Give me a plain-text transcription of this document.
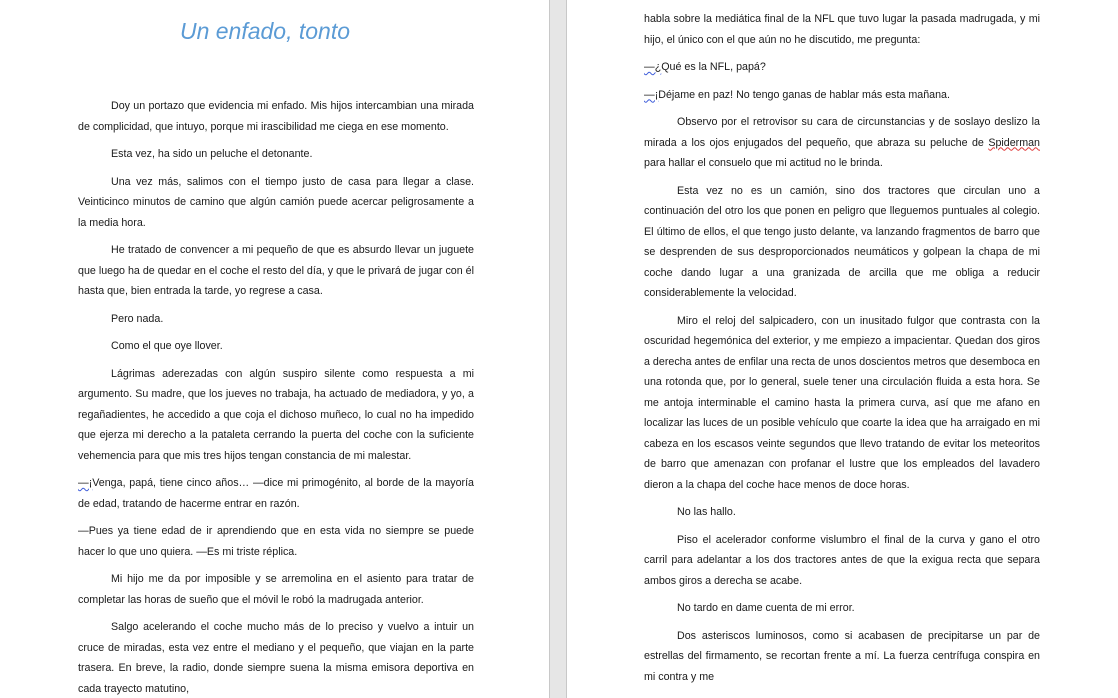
Un enfado, tonto

Doy un portazo que evidencia mi enfado. Mis hijos intercambian una mirada de complicidad, que intuyo, porque mi irascibilidad me ciega en ese momento.

Esta vez, ha sido un peluche el detonante.

Una vez más, salimos con el tiempo justo de casa para llegar a clase. Veinticinco minutos de camino que algún camión puede acercar peligrosamente a la media hora.

He tratado de convencer a mi pequeño de que es absurdo llevar un juguete que luego ha de quedar en el coche el resto del día, y que le privará de jugar con él hasta que, bien entrada la tarde, yo regrese a casa.

Pero nada.

Como el que oye llover.

Lágrimas aderezadas con algún suspiro silente como respuesta a mi argumento. Su madre, que los jueves no trabaja, ha actuado de mediadora, y yo, a regañadientes, he accedido a que coja el dichoso muñeco, lo cual no ha impedido que ejerza mi derecho a la pataleta cerrando la puerta del coche con la suficiente vehemencia para que mis tres hijos tengan constancia de mi malestar.

—¡Venga, papá, tiene cinco años… —dice mi primogénito, al borde de la mayoría de edad, tratando de hacerme entrar en razón.

—Pues ya tiene edad de ir aprendiendo que en esta vida no siempre se puede hacer lo que uno quiera. —Es mi triste réplica.

Mi hijo me da por imposible y se arremolina en el asiento para tratar de completar las horas de sueño que el móvil le robó la madrugada anterior.

Salgo acelerando el coche mucho más de lo preciso y vuelvo a intuir un cruce de miradas, esta vez entre el mediano y el pequeño, que viajan en la parte trasera. En breve, la radio, donde siempre suena la misma emisora deportiva en cada trayecto matutino,

habla sobre la mediática final de la NFL que tuvo lugar la pasada madrugada, y mi hijo, el único con el que aún no he discutido, me pregunta:

—¿Qué es la NFL, papá?

—¡Déjame en paz! No tengo ganas de hablar más esta mañana.

Observo por el retrovisor su cara de circunstancias y de soslayo deslizo la mirada a los ojos enjugados del pequeño, que abraza su peluche de Spiderman para hallar el consuelo que mi actitud no le brinda.

Esta vez no es un camión, sino dos tractores que circulan uno a continuación del otro los que ponen en peligro que lleguemos puntuales al colegio. El último de ellos, el que tengo justo delante, va lanzando fragmentos de barro que se desprenden de sus desproporcionados neumáticos y golpean la chapa de mi coche dando lugar a una granizada de arcilla que me obliga a reducir considerablemente la velocidad.

Miro el reloj del salpicadero, con un inusitado fulgor que contrasta con la oscuridad hegemónica del exterior, y me empiezo a impacientar. Quedan dos giros a derecha antes de enfilar una recta de unos doscientos metros que desemboca en una rotonda que, por lo general, suele tener una circulación fluida a esta hora. Se me antoja interminable el camino hasta la primera curva, así que me afano en localizar las luces de un posible vehículo que coarte la idea que ha arraigado en mi cabeza en los escasos veinte segundos que llevo tratando de evitar los meteoritos de barro que amenazan con profanar el lustre que los empleados del lavadero dieron a la chapa del coche hace menos de doce horas.

No las hallo.

Piso el acelerador conforme vislumbro el final de la curva y gano el otro carril para adelantar a los dos tractores antes de que la exigua recta que separa ambos giros a derecha se acabe.

No tardo en dame cuenta de mi error.

Dos asteriscos luminosos, como si acabasen de precipitarse un par de estrellas del firmamento, se recortan frente a mí. La fuerza centrífuga conspira en mi contra y me
